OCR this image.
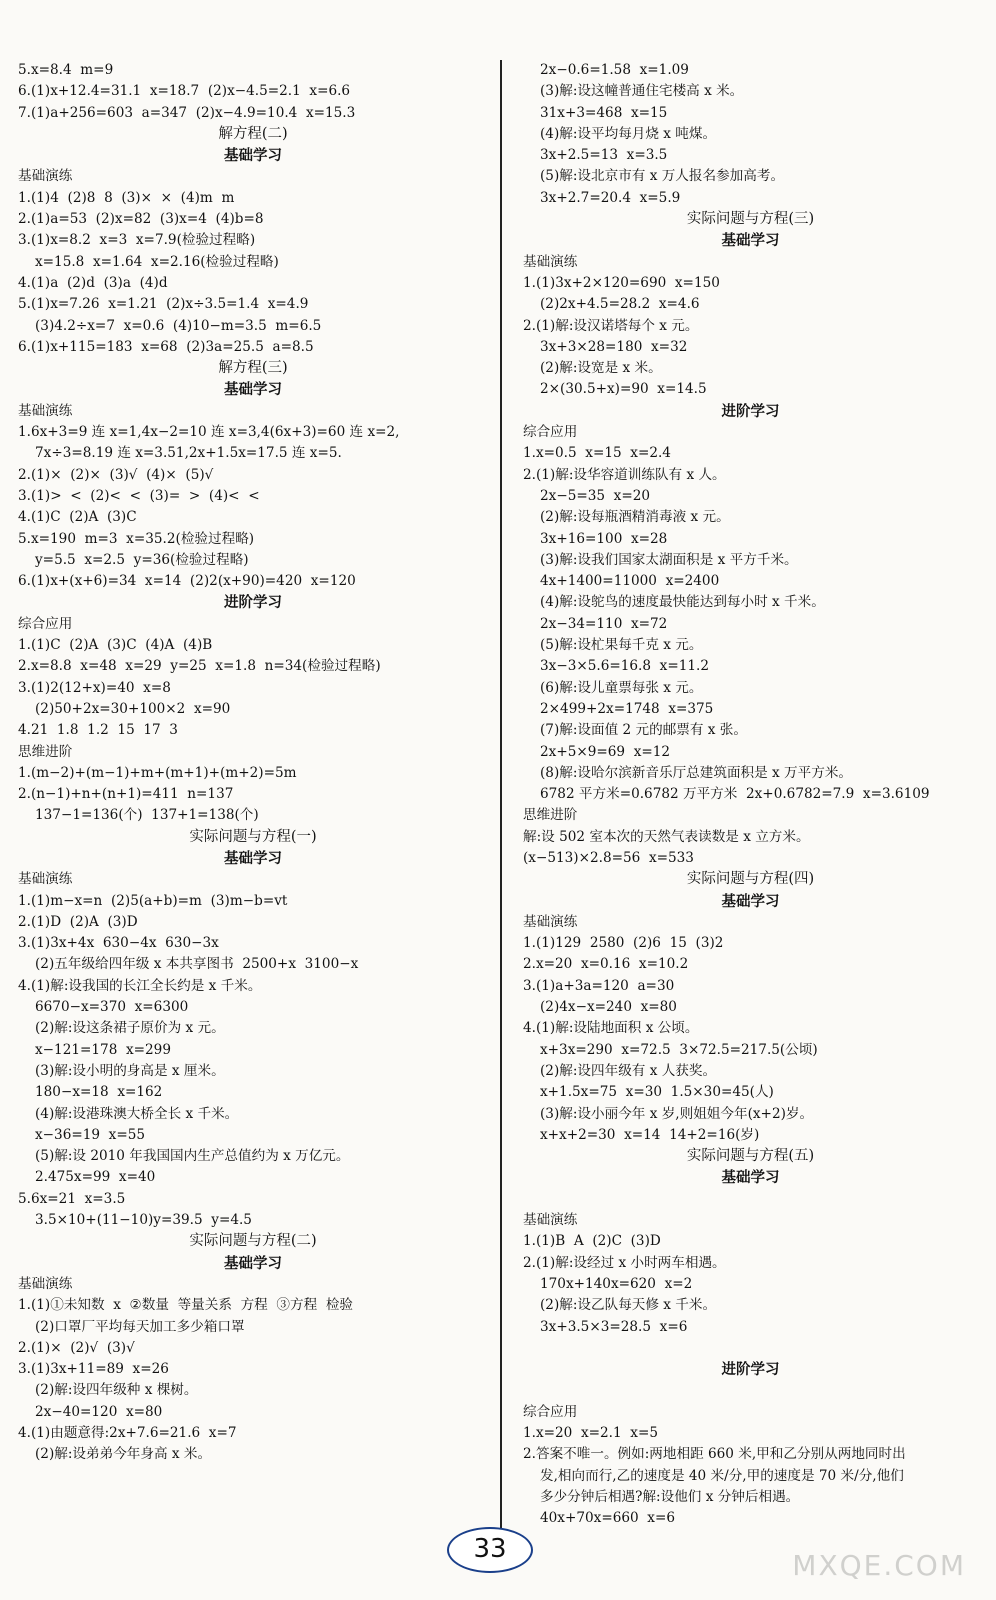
5.x=8.4  m=9
6.(1)x+12.4=31.1  x=18.7  (2)x−4.5=2.1  x=6.6
7.(1)a+256=603  a=347  (2)x−4.9=10.4  x=15.3
解方程(二)
基础学习
基础演练
1.(1)4  (2)8  8  (3)×  ×  (4)m  m
2.(1)a=53  (2)x=82  (3)x=4  (4)b=8
3.(1)x=8.2  x=3  x=7.9(检验过程略)
x=15.8  x=1.64  x=2.16(检验过程略)
4.(1)a  (2)d  (3)a  (4)d
5.(1)x=7.26  x=1.21  (2)x÷3.5=1.4  x=4.9
(3)4.2÷x=7  x=0.6  (4)10−m=3.5  m=6.5
6.(1)x+115=183  x=68  (2)3a=25.5  a=8.5
解方程(三)
基础学习
基础演练
1.6x+3=9 连 x=1,4x−2=10 连 x=3,4(6x+3)=60 连 x=2,
7x÷3=8.19 连 x=3.51,2x+1.5x=17.5 连 x=5.
2.(1)×  (2)×  (3)√  (4)×  (5)√
3.(1)>  <  (2)<  <  (3)=  >  (4)<  <
4.(1)C  (2)A  (3)C
5.x=190  m=3  x=35.2(检验过程略)
y=5.5  x=2.5  y=36(检验过程略)
6.(1)x+(x+6)=34  x=14  (2)2(x+90)=420  x=120
进阶学习
综合应用
1.(1)C  (2)A  (3)C  (4)A  (4)B
2.x=8.8  x=48  x=29  y=25  x=1.8  n=34(检验过程略)
3.(1)2(12+x)=40  x=8
(2)50+2x=30+100×2  x=90
4.21  1.8  1.2  15  17  3
思维进阶
1.(m−2)+(m−1)+m+(m+1)+(m+2)=5m
2.(n−1)+n+(n+1)=411  n=137
137−1=136(个)  137+1=138(个)
实际问题与方程(一)
基础学习
基础演练
1.(1)m−x=n  (2)5(a+b)=m  (3)m−b=vt
2.(1)D  (2)A  (3)D
3.(1)3x+4x  630−4x  630−3x
(2)五年级给四年级 x 本共享图书  2500+x  3100−x
4.(1)解:设我国的长江全长约是 x 千米。
6670−x=370  x=6300
(2)解:设这条裙子原价为 x 元。
x−121=178  x=299
(3)解:设小明的身高是 x 厘米。
180−x=18  x=162
(4)解:设港珠澳大桥全长 x 千米。
x−36=19  x=55
(5)解:设 2010 年我国国内生产总值约为 x 万亿元。
2.475x=99  x=40
5.6x=21  x=3.5
3.5×10+(11−10)y=39.5  y=4.5
实际问题与方程(二)
基础学习
基础演练
1.(1)①未知数  x  ②数量  等量关系  方程  ③方程  检验
(2)口罩厂平均每天加工多少箱口罩
2.(1)×  (2)√  (3)√
3.(1)3x+11=89  x=26
(2)解:设四年级种 x 棵树。
2x−40=120  x=80
4.(1)由题意得:2x+7.6=21.6  x=7
(2)解:设弟弟今年身高 x 米。
2x−0.6=1.58  x=1.09
(3)解:设这幢普通住宅楼高 x 米。
31x+3=468  x=15
(4)解:设平均每月烧 x 吨煤。
3x+2.5=13  x=3.5
(5)解:设北京市有 x 万人报名参加高考。
3x+2.7=20.4  x=5.9
实际问题与方程(三)
基础学习
基础演练
1.(1)3x+2×120=690  x=150
(2)2x+4.5=28.2  x=4.6
2.(1)解:设汉诺塔每个 x 元。
3x+3×28=180  x=32
(2)解:设宽是 x 米。
2×(30.5+x)=90  x=14.5
进阶学习
综合应用
1.x=0.5  x=15  x=2.4
2.(1)解:设华容道训练队有 x 人。
2x−5=35  x=20
(2)解:设每瓶酒精消毒液 x 元。
3x+16=100  x=28
(3)解:设我们国家太湖面积是 x 平方千米。
4x+1400=11000  x=2400
(4)解:设鸵鸟的速度最快能达到每小时 x 千米。
2x−34=110  x=72
(5)解:设杧果每千克 x 元。
3x−3×5.6=16.8  x=11.2
(6)解:设儿童票每张 x 元。
2×499+2x=1748  x=375
(7)解:设面值 2 元的邮票有 x 张。
2x+5×9=69  x=12
(8)解:设哈尔滨新音乐厅总建筑面积是 x 万平方米。
6782 平方米=0.6782 万平方米  2x+0.6782=7.9  x=3.6109
思维进阶
解:设 502 室本次的天然气表读数是 x 立方米。
(x−513)×2.8=56  x=533
实际问题与方程(四)
基础学习
基础演练
1.(1)129  2580  (2)6  15  (3)2
2.x=20  x=0.16  x=10.2
3.(1)a+3a=120  a=30
(2)4x−x=240  x=80
4.(1)解:设陆地面积 x 公顷。
x+3x=290  x=72.5  3×72.5=217.5(公顷)
(2)解:设四年级有 x 人获奖。
x+1.5x=75  x=30  1.5×30=45(人)
(3)解:设小丽今年 x 岁,则姐姐今年(x+2)岁。
x+x+2=30  x=14  14+2=16(岁)
实际问题与方程(五)
基础学习
基础演练
1.(1)B  A  (2)C  (3)D
2.(1)解:设经过 x 小时两车相遇。
170x+140x=620  x=2
(2)解:设乙队每天修 x 千米。
3x+3.5×3=28.5  x=6
进阶学习
综合应用
1.x=20  x=2.1  x=5
2.答案不唯一。例如:两地相距 660 米,甲和乙分别从两地同时出
发,相向而行,乙的速度是 40 米/分,甲的速度是 70 米/分,他们
多少分钟后相遇?解:设他们 x 分钟后相遇。
40x+70x=660  x=6
33	MXQE.COM
